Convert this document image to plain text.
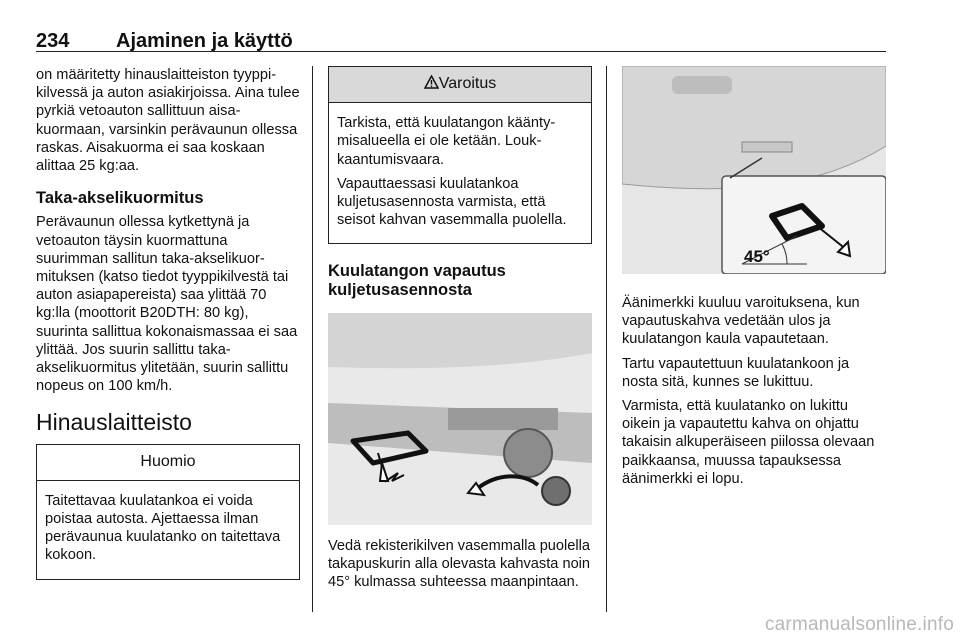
234 Ajaminen ja käyttö

on määritetty hinauslaitteiston tyyppikilvessä ja auton asiakirjoissa. Aina tulee pyrkiä vetoauton sallittuun aisakuormaan, varsinkin perävaunun ollessa raskas. Aisakuorma ei saa koskaan alittaa 25 kg:aa.

Taka-akselikuormitus

Perävaunun ollessa kytkettynä ja vetoauton täysin kuormattuna suurimman sallitun taka-akselikuormituksen (katso tiedot tyyppikilvestä tai auton asiapapereista) saa ylittää 70 kg:lla (moottorit B20DTH: 80 kg), suurinta sallittua kokonaismassaa ei saa ylittää. Jos suurin sallittu taka-akselikuormitus ylitetään, suurin sallittu nopeus on 100 km/h.

Hinauslaitteisto
Huomio

Taitettavaa kuulatankoa ei voida poistaa autosta. Ajettaessa ilman perävaunua kuulatanko on taitettava kokoon.

Varoitus

Tarkista, että kuulatangon kääntymisalueella ei ole ketään. Loukkaantumisvaara.

Vapauttaessasi kuulatankoa kuljetusasennosta varmista, että seisot kahvan vasemmalla puolella.

Kuulatangon vapautus kuljetusasennosta

Vedä rekisterikilven vasemmalla puolella takapuskurin alla olevasta kahvasta noin 45° kulmassa suhteessa maanpintaan.

45°

Äänimerkki kuuluu varoituksena, kun vapautuskahva vedetään ulos ja kuulatangon kaula vapautetaan.

Tartu vapautettuun kuulatankoon ja nosta sitä, kunnes se lukittuu.

Varmista, että kuulatanko on lukittu oikein ja vapautettu kahva on ohjattu takaisin alkuperäiseen piilossa olevaan paikkaansa, muussa tapauksessa äänimerkki ei lopu.

carmanualsonline.info
